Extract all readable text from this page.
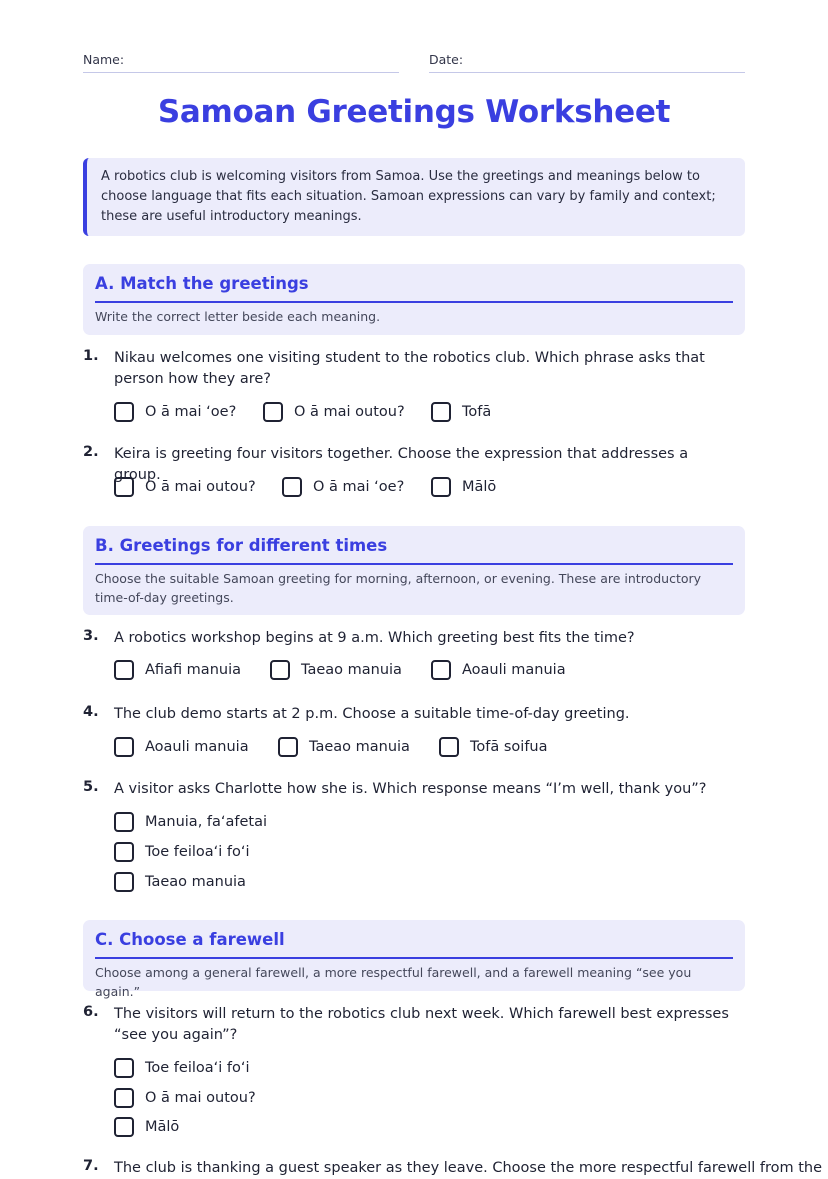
Name:	Date:
Samoan Greetings Worksheet
A robotics club is welcoming visitors from Samoa. Use the greetings and meanings below to choose language that fits each situation. Samoan expressions can vary by family and context; these are useful introductory meanings.
A. Match the greetings
Write the correct letter beside each meaning.
1. Nikau welcomes one visiting student to the robotics club. Which phrase asks that person how they are?
O ā mai ʻoe?	O ā mai outou?	Tofā
2. Keira is greeting four visitors together. Choose the expression that addresses a group.
O ā mai outou?	O ā mai ʻoe?	Mālō
B. Greetings for different times
Choose the suitable Samoan greeting for morning, afternoon, or evening. These are introductory time-of-day greetings.
3. A robotics workshop begins at 9 a.m. Which greeting best fits the time?
Afiafi manuia	Taeao manuia	Aoauli manuia
4. The club demo starts at 2 p.m. Choose a suitable time-of-day greeting.
Aoauli manuia	Taeao manuia	Tofā soifua
5. A visitor asks Charlotte how she is. Which response means “I’m well, thank you”?
Manuia, faʻafetai
Toe feiloaʻi foʻi
Taeao manuia
C. Choose a farewell
Choose among a general farewell, a more respectful farewell, and a farewell meaning “see you again.”
6. The visitors will return to the robotics club next week. Which farewell best expresses “see you again”?
Toe feiloaʻi foʻi
O ā mai outou?
Mālō
7. The club is thanking a guest speaker as they leave. Choose the more respectful farewell from the
